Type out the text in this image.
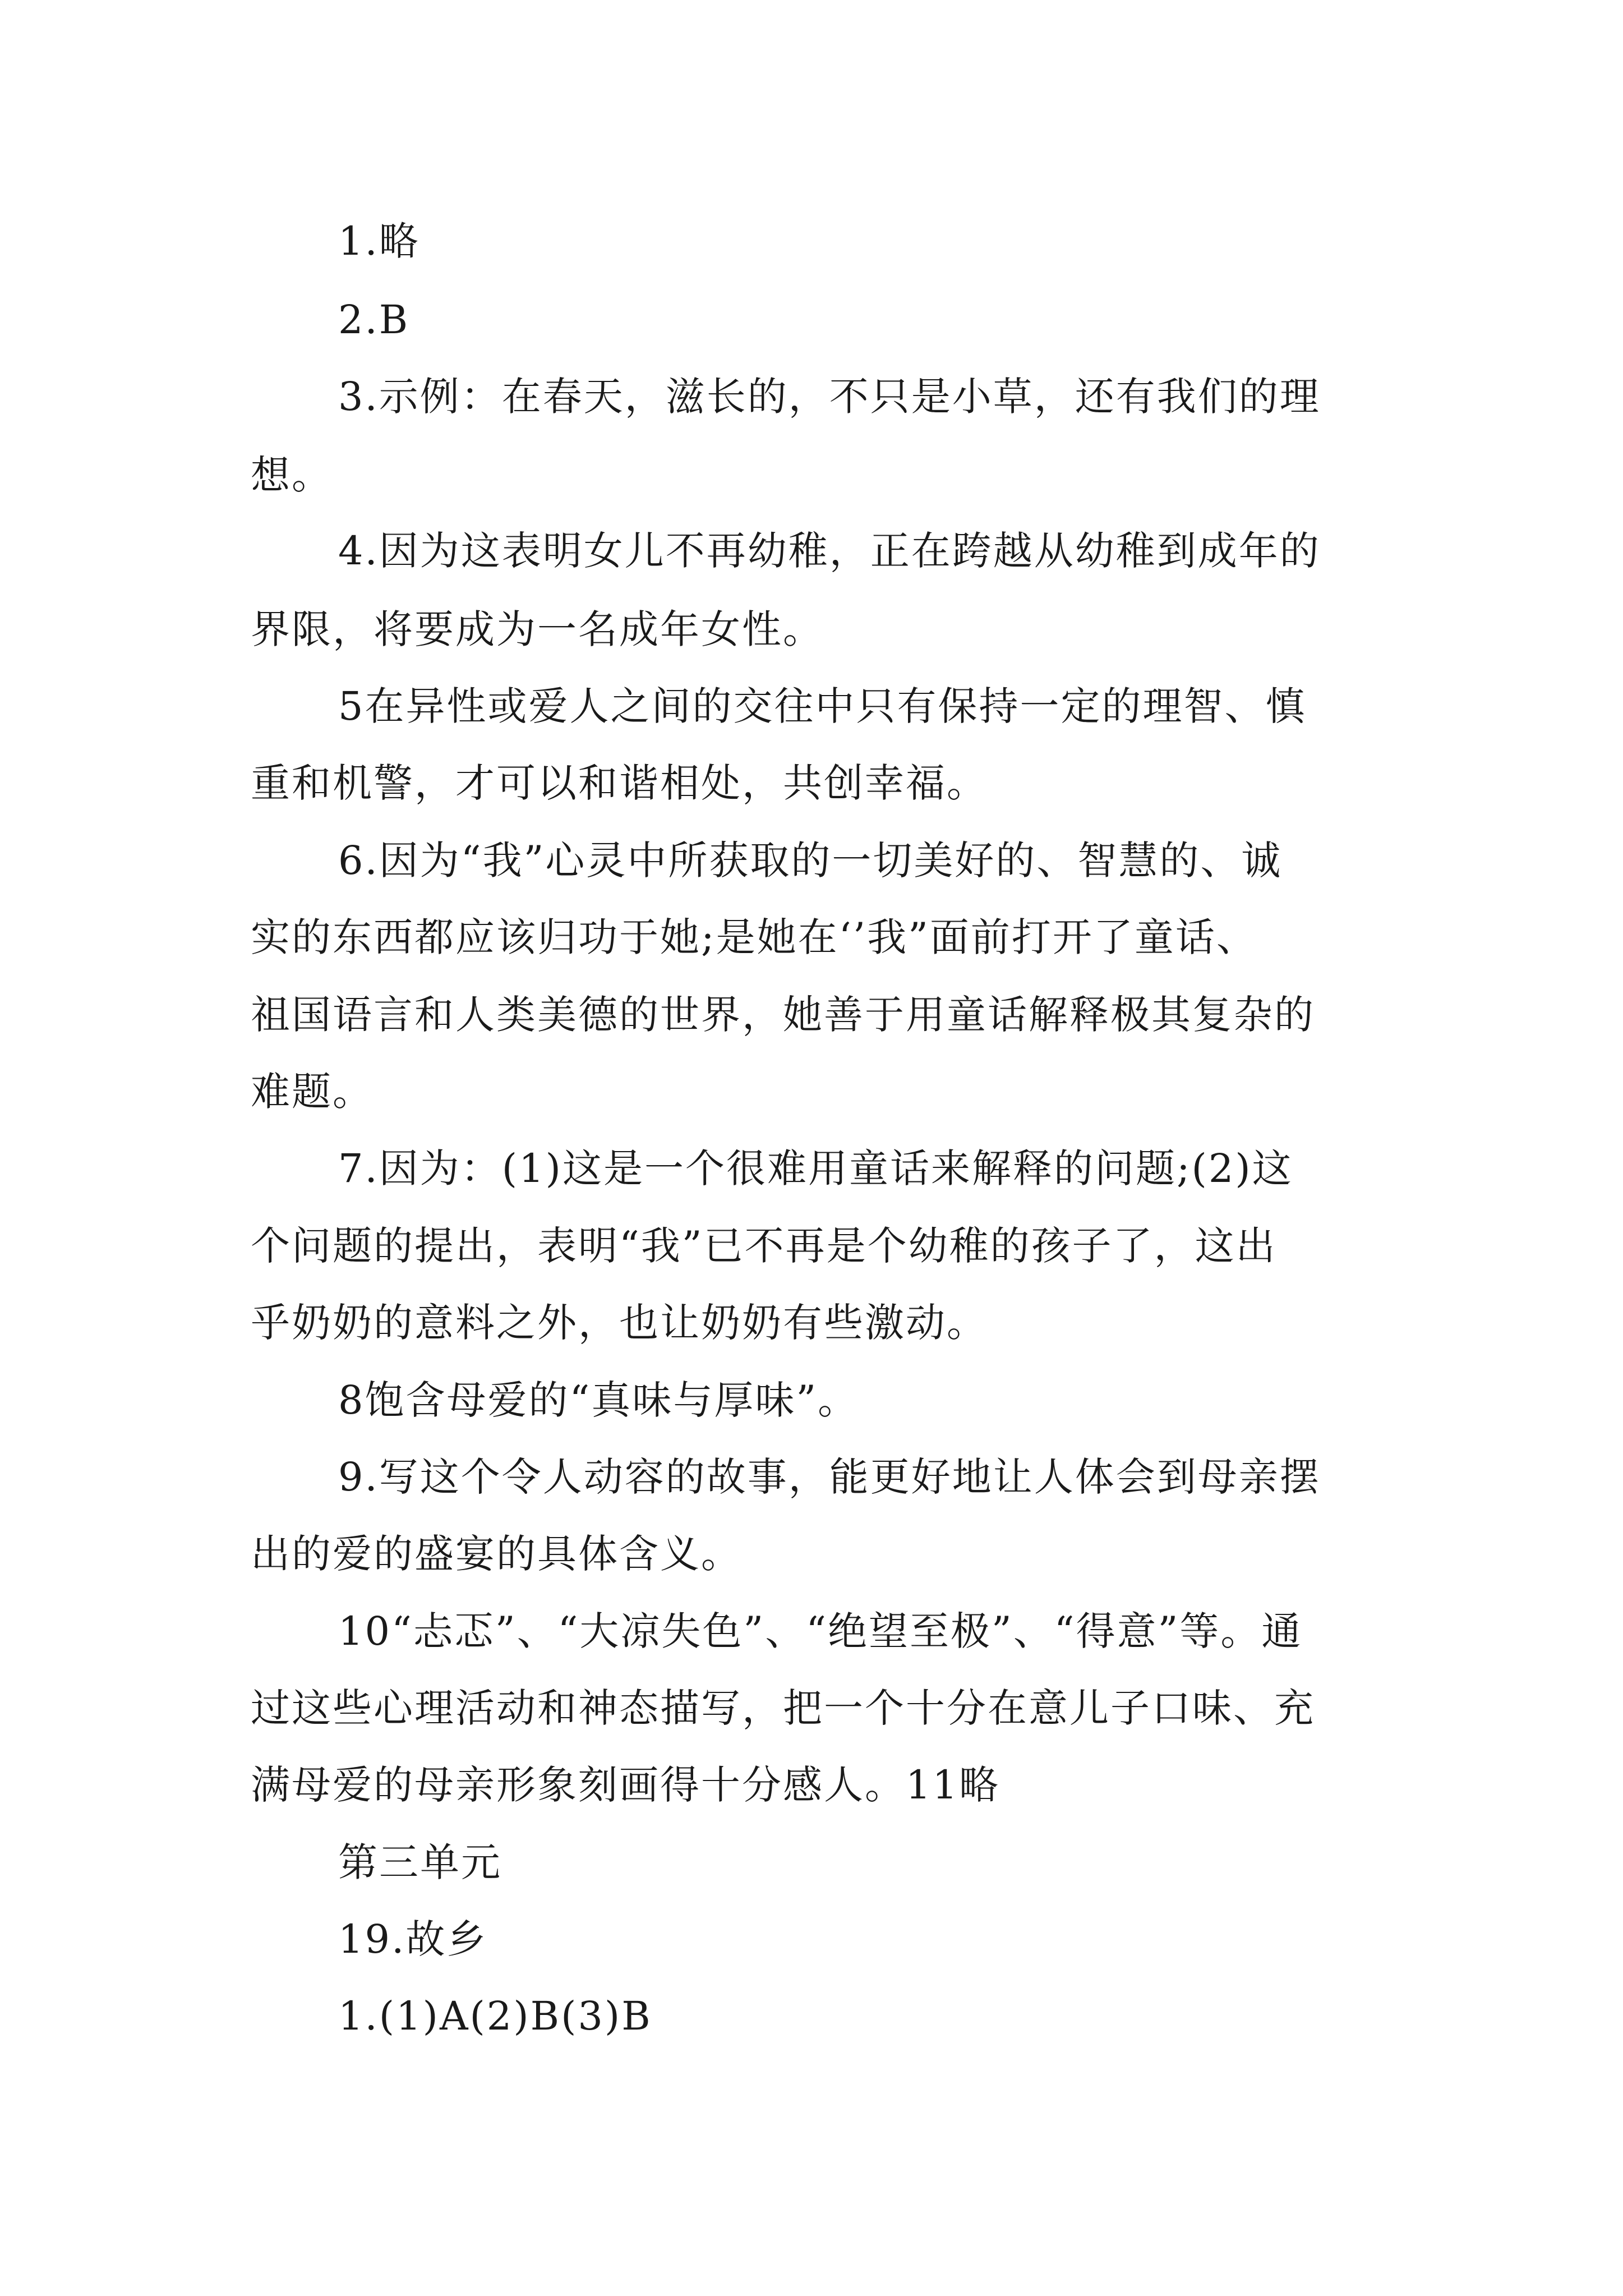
1.略
2.B
3.示例：在春天，滋长的，不只是小草，还有我们的理
想。
4.因为这表明女儿不再幼稚，正在跨越从幼稚到成年的
界限，将要成为一名成年女性。
5在异性或爱人之间的交往中只有保持一定的理智、慎
重和机警，才可以和谐相处，共创幸福。
6.因为“我”心灵中所获取的一切美好的、智慧的、诚
实的东西都应该归功于她;是她在‘’我”面前打开了童话、
祖国语言和人类美德的世界，她善于用童话解释极其复杂的
难题。
7.因为：(1)这是一个很难用童话来解释的问题;(2)这
个问题的提出，表明“我”已不再是个幼稚的孩子了，这出
乎奶奶的意料之外，也让奶奶有些激动。
8饱含母爱的“真味与厚味”。
9.写这个令人动容的故事，能更好地让人体会到母亲摆
出的爱的盛宴的具体含义。
10“忐忑”、“大凉失色”、“绝望至极”、“得意”等。通
过这些心理活动和神态描写，把一个十分在意儿子口味、充
满母爱的母亲形象刻画得十分感人。11略
第三单元
19.故乡
1.(1)A(2)B(3)B
